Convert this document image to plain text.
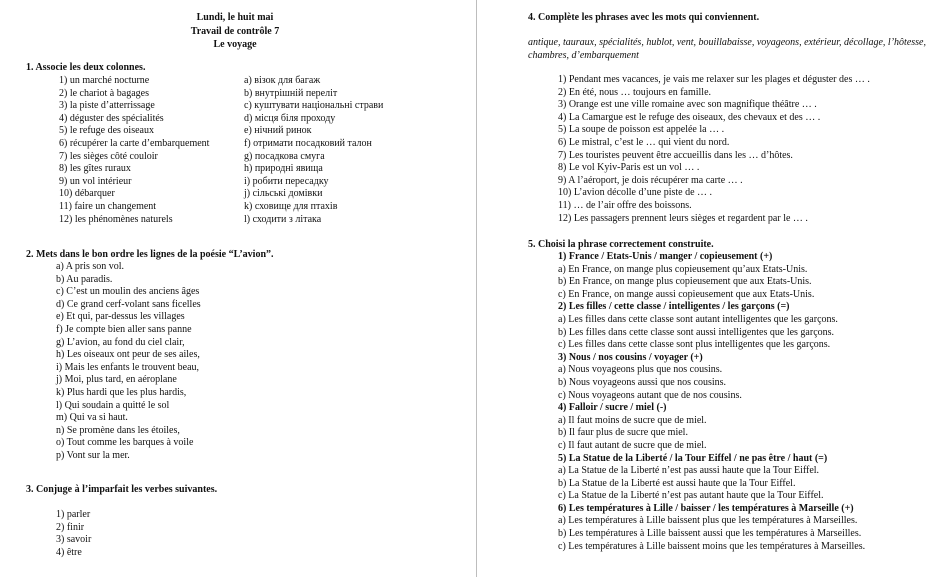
Lundi, le huit mai
Travail de contrôle 7
Le voyage
1. Associe les deux colonnes.
1) un marché nocturne
2) le chariot à bagages
3) la piste d’atterrissage
4) déguster des spécialités
5) le refuge des oiseaux
6) récupérer la carte d’embarquement
7) les sièges côté couloir
8) les gîtes ruraux
9) un vol intérieur
10) débarquer
11) faire un changement
12) les phénomènes naturels
a) візок для багаж
b) внутрішній переліт
c) куштувати національні страви
d) місця біля проходу
e) нічний ринок
f) отримати посадковий талон
g) посадкова смуга
h) природні явища
i) робити пересадку
j) сільські домівки
k) сховище для птахів
l) сходити з літака
2. Mets dans le bon ordre les lignes de la poésie “L’avion”.
a) A pris son vol.
b) Au paradis.
c) C’est un moulin des anciens âges
d) Ce grand cerf-volant sans ficelles
e) Et qui, par-dessus les villages
f) Je compte bien aller sans panne
g) L’avion, au fond du ciel clair,
h) Les oiseaux ont peur de ses ailes,
i) Mais les enfants le trouvent beau,
j) Moi, plus tard, en aéroplane
k) Plus hardi que les plus hardis,
l) Qui soudain a quitté le sol
m) Qui va si haut.
n) Se promène dans les étoiles,
o) Tout comme les barques à voile
p) Vont sur la mer.
3. Conjuge à l’imparfait les verbes suivantes.
1) parler
2) finir
3) savoir
4) être
4. Complète les phrases avec les mots qui conviennent.
antique, tauraux, spécialités, hublot, vent, bouillabaisse, voyageons, extérieur, décollage, l’hôtesse, chambres, d’embarquement
1) Pendant mes vacances, je vais me relaxer sur les plages et déguster des … .
2) En été, nous … toujours en famille.
3) Orange est une ville romaine avec son magnifique théâtre … .
4) La Camargue est le refuge des oiseaux, des chevaux et des … .
5) La soupe de poisson est appelée la … .
6) Le mistral, c’est le … qui vient du nord.
7) Les touristes peuvent être accueillis dans les … d’hôtes.
8) Le vol Kyiv-Paris est un vol … .
9) A l’aéroport, je dois récupérer ma carte … .
10) L’avion décolle d’une piste de … .
11) … de l’air offre des boissons.
12) Les passagers prennent leurs sièges et regardent par le … .
5. Choisi la phrase correctement construite.
1) France / Etats-Unis / manger / copieusement (+)
a) En France, on mange plus copieusement qu’aux Etats-Unis.
b) En France, on mange plus copieusement que aux Etats-Unis.
c) En France, on mange aussi copieusement que aux Etats-Unis.
2) Les filles / cette classe / intelligentes / les garçons (=)
a) Les filles dans cette classe sont autant intelligentes que les garçons.
b) Les filles dans cette classe sont aussi intelligentes que les garçons.
c) Les filles dans cette classe sont plus intelligentes que les garçons.
3) Nous / nos cousins / voyager (+)
a) Nous voyageons plus que nos cousins.
b) Nous voyageons aussi que nos cousins.
c) Nous voyageons autant que de nos cousins.
4) Falloir / sucre / miel (-)
a) Il faut moins de sucre que de miel.
b) Il faur plus de sucre que miel.
c) Il faut autant de sucre que de miel.
5) La Statue de la Liberté / la Tour Eiffel / ne pas être / haut (=)
a) La Statue de la Liberté n’est pas aussi haute que la Tour Eiffel.
b) La Statue de la Liberté est aussi haute que la Tour Eiffel.
c) La Statue de la Liberté n’est pas autant haute que la Tour Eiffel.
6) Les températures à Lille / baisser / les températures à Marseille (+)
a) Les températures à Lille baissent plus que les températures à Marseilles.
b) Les températures à Lille baissent aussi que les températures à Marseilles.
c) Les températures à Lille baissent moins que les températures à Marseilles.
